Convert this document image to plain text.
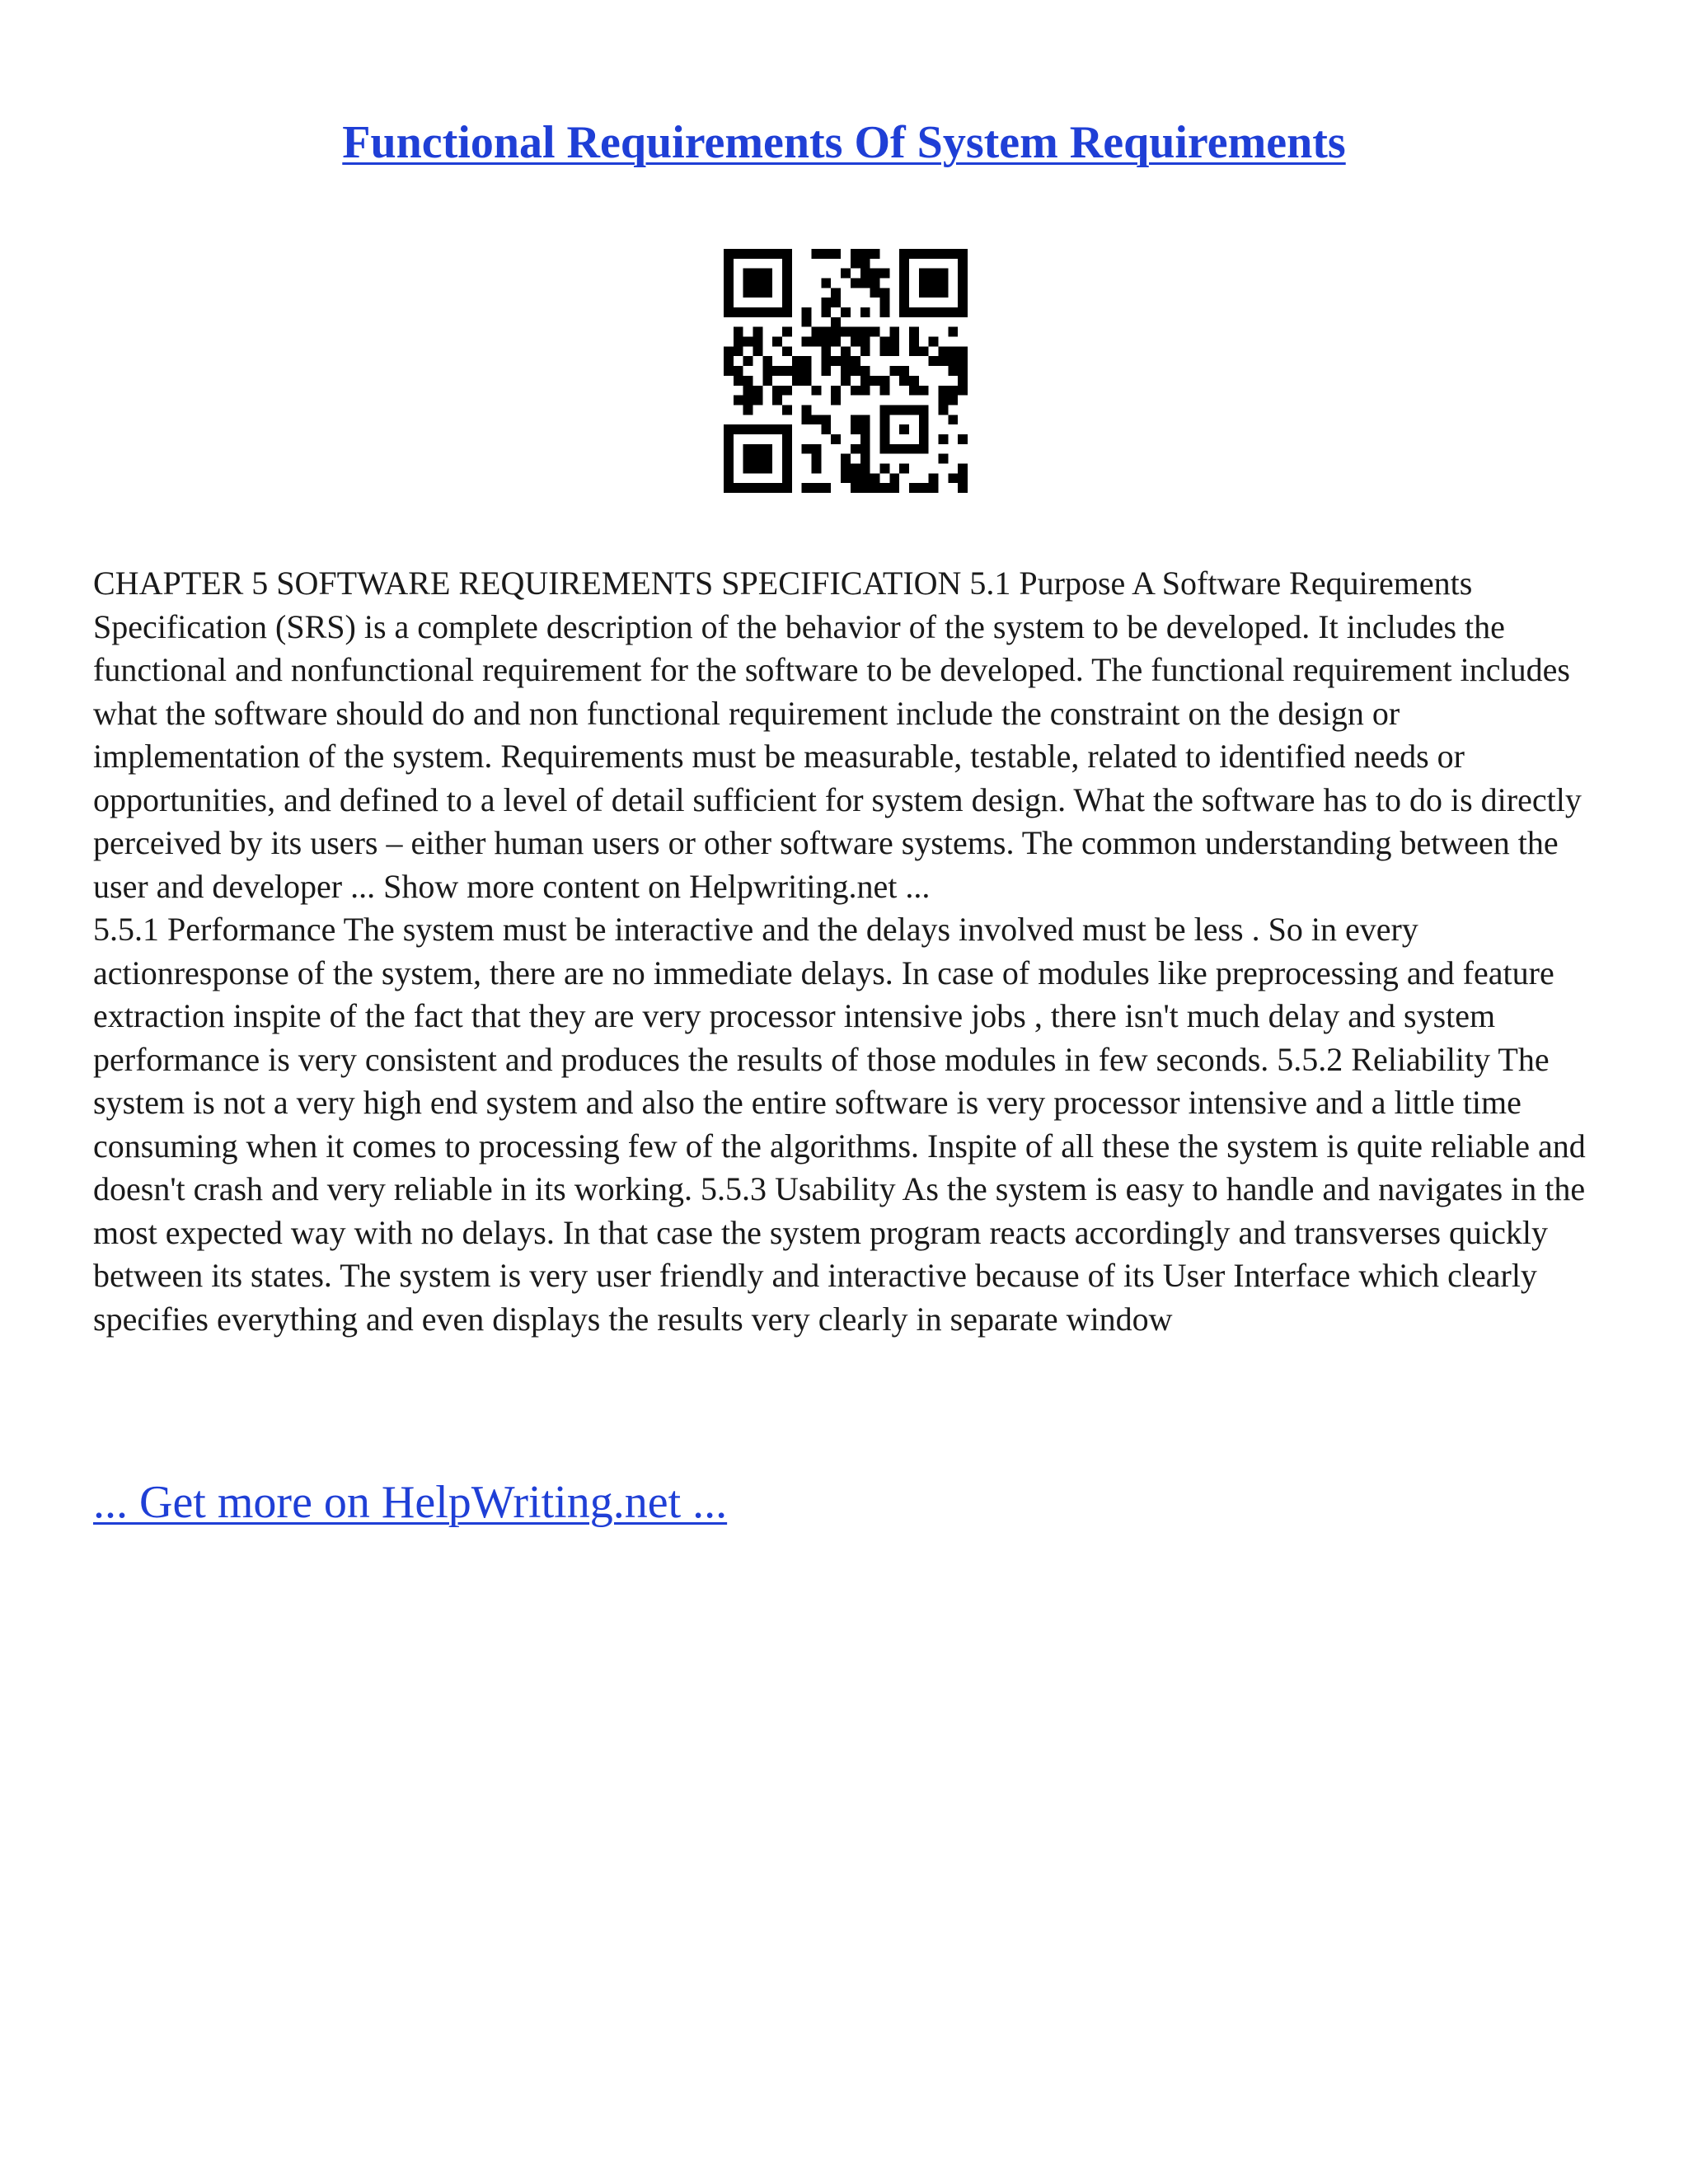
Functional Requirements Of System Requirements

CHAPTER 5 SOFTWARE REQUIREMENTS SPECIFICATION 5.1 Purpose A Software Requirements Specification (SRS) is a complete description of the behavior of the system to be developed. It includes the functional and nonfunctional requirement for the software to be developed. The functional requirement includes what the software should do and non functional requirement include the constraint on the design or implementation of the system. Requirements must be measurable, testable, related to identified needs or opportunities, and defined to a level of detail sufficient for system design. What the software has to do is directly perceived by its users – either human users or other software systems. The common understanding between the user and developer ... Show more content on Helpwriting.net ...

5.5.1 Performance The system must be interactive and the delays involved must be less . So in every actionresponse of the system, there are no immediate delays. In case of modules like preprocessing and feature extraction inspite of the fact that they are very processor intensive jobs , there isn't much delay and system performance is very consistent and produces the results of those modules in few seconds. 5.5.2 Reliability The system is not a very high end system and also the entire software is very processor intensive and a little time consuming when it comes to processing few of the algorithms. Inspite of all these the system is quite reliable and doesn't crash and very reliable in its working. 5.5.3 Usability As the system is easy to handle and navigates in the most expected way with no delays. In that case the system program reacts accordingly and transverses quickly between its states. The system is very user friendly and interactive because of its User Interface which clearly specifies everything and even displays the results very clearly in separate window

... Get more on HelpWriting.net ...
